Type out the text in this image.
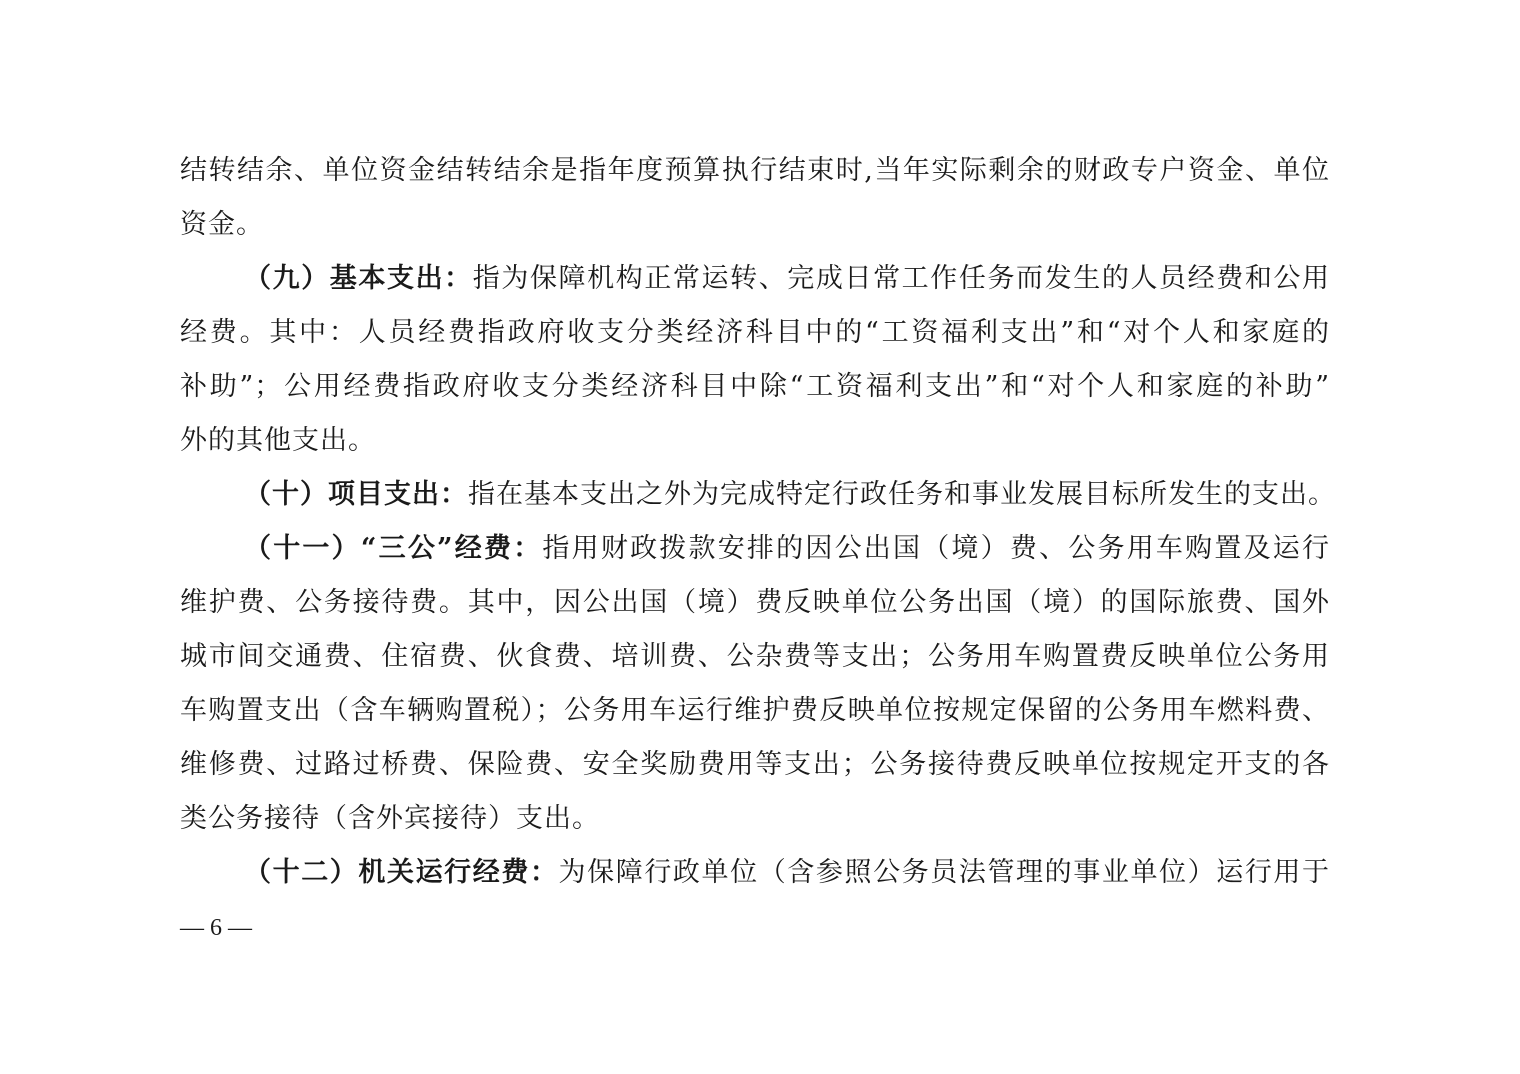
结转结余、单位资金结转结余是指年度预算执行结束时,当年实际剩余的财政专户资金、单位
资金。
（九）基本支出：指为保障机构正常运转、完成日常工作任务而发生的人员经费和公用
经费。其中：人员经费指政府收支分类经济科目中的“工资福利支出”和“对个人和家庭的
补助”；公用经费指政府收支分类经济科目中除“工资福利支出”和“对个人和家庭的补助”
外的其他支出。
（十）项目支出：指在基本支出之外为完成特定行政任务和事业发展目标所发生的支出。
（十一）“三公”经费：指用财政拨款安排的因公出国（境）费、公务用车购置及运行
维护费、公务接待费。其中，因公出国（境）费反映单位公务出国（境）的国际旅费、国外
城市间交通费、住宿费、伙食费、培训费、公杂费等支出；公务用车购置费反映单位公务用
车购置支出（含车辆购置税）；公务用车运行维护费反映单位按规定保留的公务用车燃料费、
维修费、过路过桥费、保险费、安全奖励费用等支出；公务接待费反映单位按规定开支的各
类公务接待（含外宾接待）支出。
（十二）机关运行经费：为保障行政单位（含参照公务员法管理的事业单位）运行用于
— 6 —
